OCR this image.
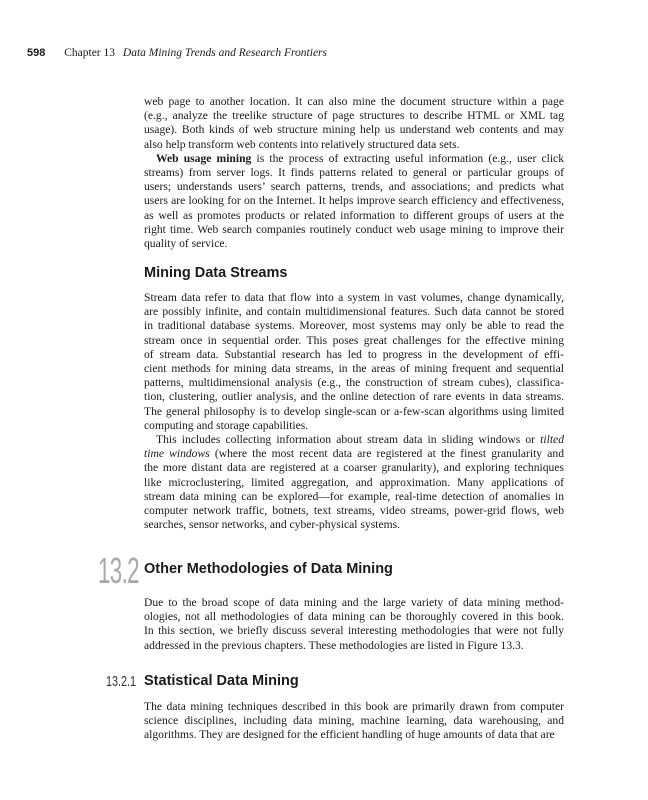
598 Chapter 13 Data Mining Trends and Research Frontiers
web page to another location. It can also mine the document structure within a page
(e.g., analyze the treelike structure of page structures to describe HTML or XML tag
usage). Both kinds of web structure mining help us understand web contents and may
also help transform web contents into relatively structured data sets.
Web usage mining is the process of extracting useful information (e.g., user click
streams) from server logs. It finds patterns related to general or particular groups of
users; understands users’ search patterns, trends, and associations; and predicts what
users are looking for on the Internet. It helps improve search efficiency and effectiveness,
as well as promotes products or related information to different groups of users at the
right time. Web search companies routinely conduct web usage mining to improve their
quality of service.
Mining Data Streams
Stream data refer to data that flow into a system in vast volumes, change dynamically,
are possibly infinite, and contain multidimensional features. Such data cannot be stored
in traditional database systems. Moreover, most systems may only be able to read the
stream once in sequential order. This poses great challenges for the effective mining
of stream data. Substantial research has led to progress in the development of effi-
cient methods for mining data streams, in the areas of mining frequent and sequential
patterns, multidimensional analysis (e.g., the construction of stream cubes), classifica-
tion, clustering, outlier analysis, and the online detection of rare events in data streams.
The general philosophy is to develop single-scan or a-few-scan algorithms using limited
computing and storage capabilities.
This includes collecting information about stream data in sliding windows or tilted
time windows (where the most recent data are registered at the finest granularity and
the more distant data are registered at a coarser granularity), and exploring techniques
like microclustering, limited aggregation, and approximation. Many applications of
stream data mining can be explored—for example, real-time detection of anomalies in
computer network traffic, botnets, text streams, video streams, power-grid flows, web
searches, sensor networks, and cyber-physical systems.
13.2 Other Methodologies of Data Mining
Due to the broad scope of data mining and the large variety of data mining method-
ologies, not all methodologies of data mining can be thoroughly covered in this book.
In this section, we briefly discuss several interesting methodologies that were not fully
addressed in the previous chapters. These methodologies are listed in Figure 13.3.
13.2.1 Statistical Data Mining
The data mining techniques described in this book are primarily drawn from computer
science disciplines, including data mining, machine learning, data warehousing, and
algorithms. They are designed for the efficient handling of huge amounts of data that are
